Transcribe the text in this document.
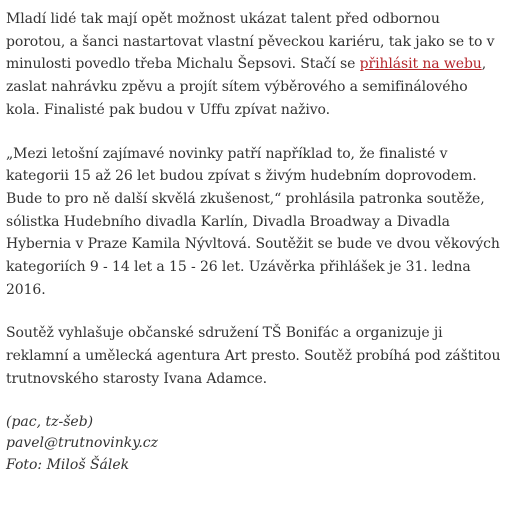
Mladí lidé tak mají opět možnost ukázat talent před odbornou porotou, a šanci nastartovat vlastní pěveckou kariéru, tak jako se to v minulosti povedlo třeba Michalu Šepsovi. Stačí se přihlásit na webu, zaslat nahrávku zpěvu a projít sítem výběrového a semifinálového kola. Finalisté pak budou v Uffu zpívat naživo.

„Mezi letošní zajímavé novinky patří například to, že finalisté v kategorii 15 až 26 let budou zpívat s živým hudebním doprovodem. Bude to pro ně další skvělá zkušenost,“ prohlásila patronka soutěže, sólistka Hudebního divadla Karlín, Divadla Broadway a Divadla Hybernia v Praze Kamila Nývltová. Soutěžit se bude ve dvou věkových kategoriích 9 - 14 let a 15 - 26 let. Uzávěrka přihlášek je 31. ledna 2016.

Soutěž vyhlašuje občanské sdružení TŠ Bonifác a organizuje ji reklamní a umělecká agentura Art presto. Soutěž probíhá pod záštitou trutnovského starosty Ivana Adamce.

(pac, tz-šeb)
pavel@trutnovinky.cz
Foto: Miloš Šálek
